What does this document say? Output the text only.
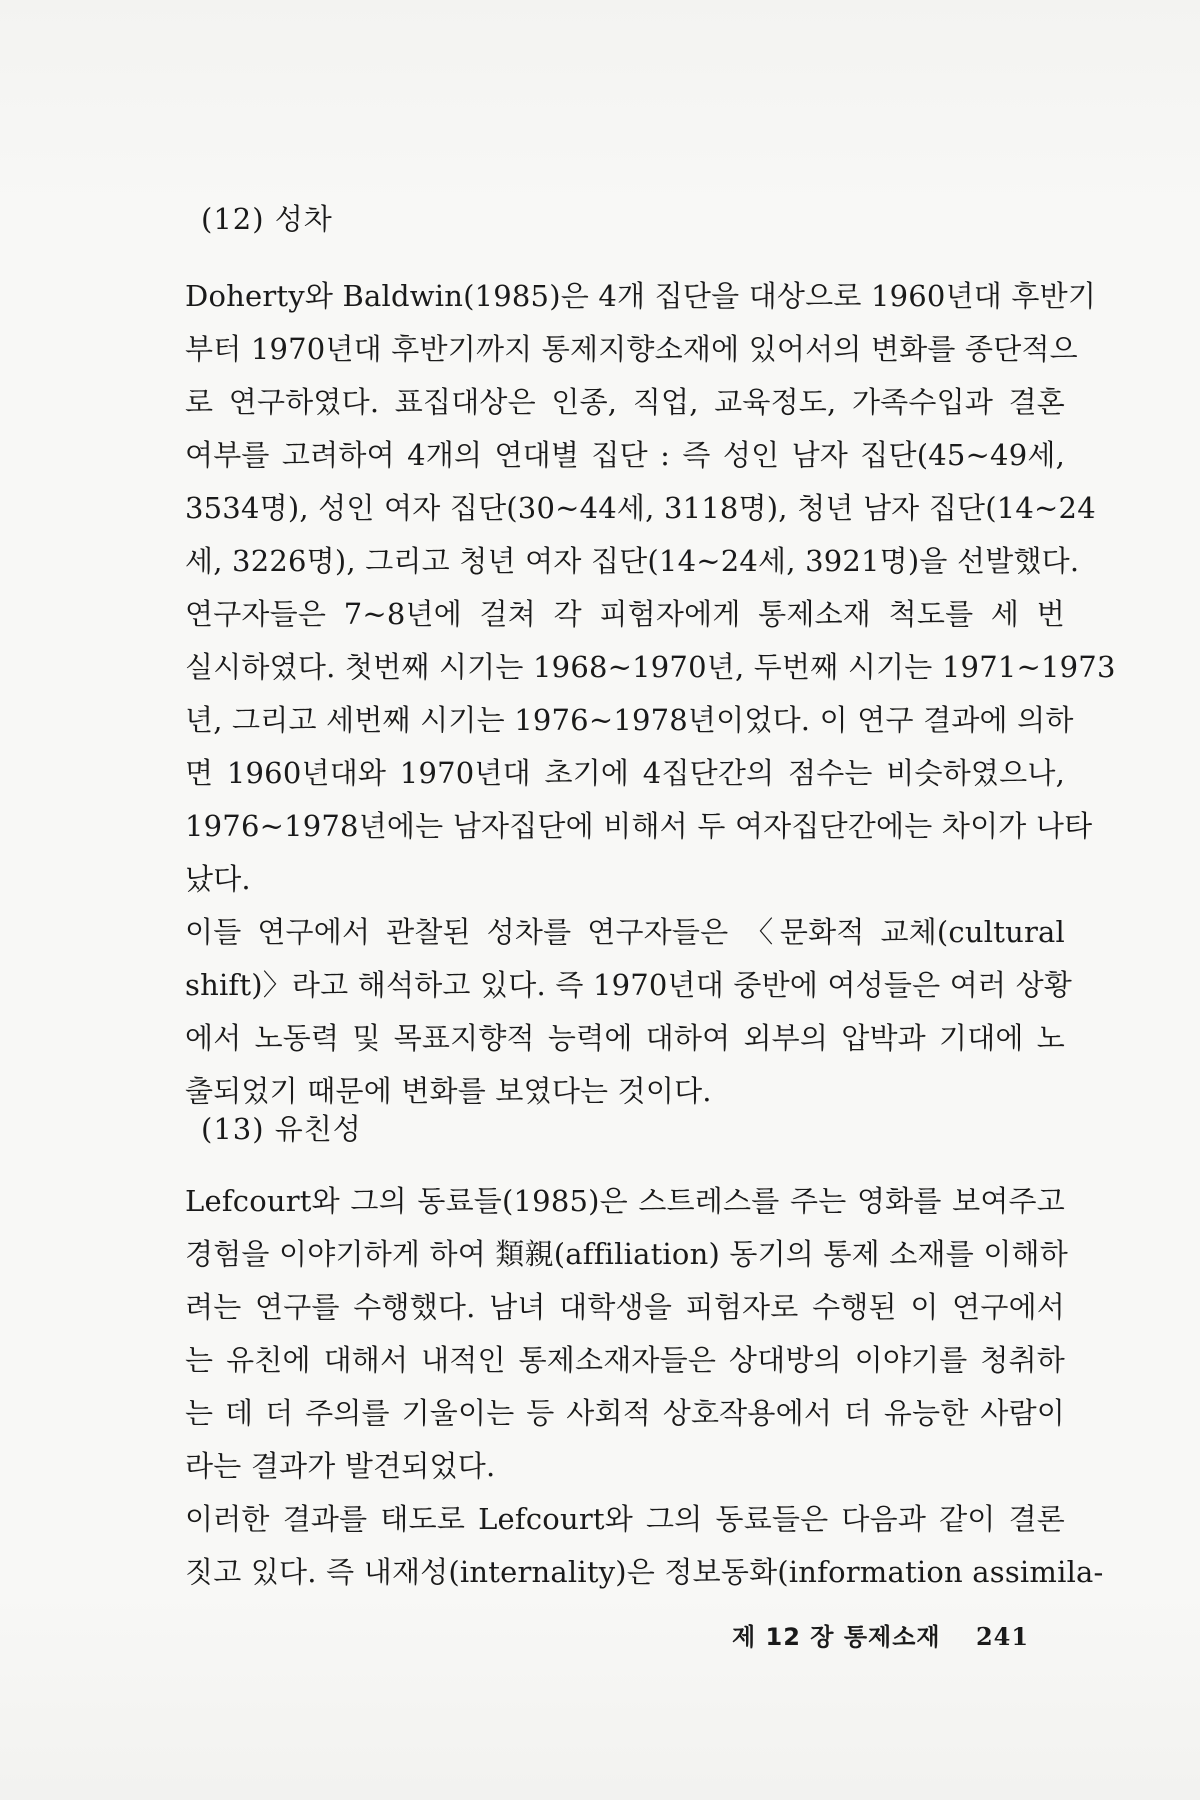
(12) 성차
Doherty와 Baldwin(1985)은 4개 집단을 대상으로 1960년대 후반기
부터 1970년대 후반기까지 통제지향소재에 있어서의 변화를 종단적으
로 연구하였다. 표집대상은 인종, 직업, 교육정도, 가족수입과 결혼
여부를 고려하여 4개의 연대별 집단 : 즉 성인 남자 집단(45~49세,
3534명), 성인 여자 집단(30~44세, 3118명), 청년 남자 집단(14~24
세, 3226명), 그리고 청년 여자 집단(14~24세, 3921명)을 선발했다.
연구자들은 7~8년에 걸쳐 각 피험자에게 통제소재 척도를 세 번
실시하였다. 첫번째 시기는 1968~1970년, 두번째 시기는 1971~1973
년, 그리고 세번째 시기는 1976~1978년이었다. 이 연구 결과에 의하
면 1960년대와 1970년대 초기에 4집단간의 점수는 비슷하였으나,
1976~1978년에는 남자집단에 비해서 두 여자집단간에는 차이가 나타
났다.
이들 연구에서 관찰된 성차를 연구자들은 〈문화적 교체(cultural
shift)〉라고 해석하고 있다. 즉 1970년대 중반에 여성들은 여러 상황
에서 노동력 및 목표지향적 능력에 대하여 외부의 압박과 기대에 노
출되었기 때문에 변화를 보였다는 것이다.
(13) 유친성
Lefcourt와 그의 동료들(1985)은 스트레스를 주는 영화를 보여주고
경험을 이야기하게 하여 類親(affiliation) 동기의 통제 소재를 이해하
려는 연구를 수행했다. 남녀 대학생을 피험자로 수행된 이 연구에서
는 유친에 대해서 내적인 통제소재자들은 상대방의 이야기를 청취하
는 데 더 주의를 기울이는 등 사회적 상호작용에서 더 유능한 사람이
라는 결과가 발견되었다.
이러한 결과를 태도로 Lefcourt와 그의 동료들은 다음과 같이 결론
짓고 있다. 즉 내재성(internality)은 정보동화(information assimila-
제 12 장 통제소재 241
